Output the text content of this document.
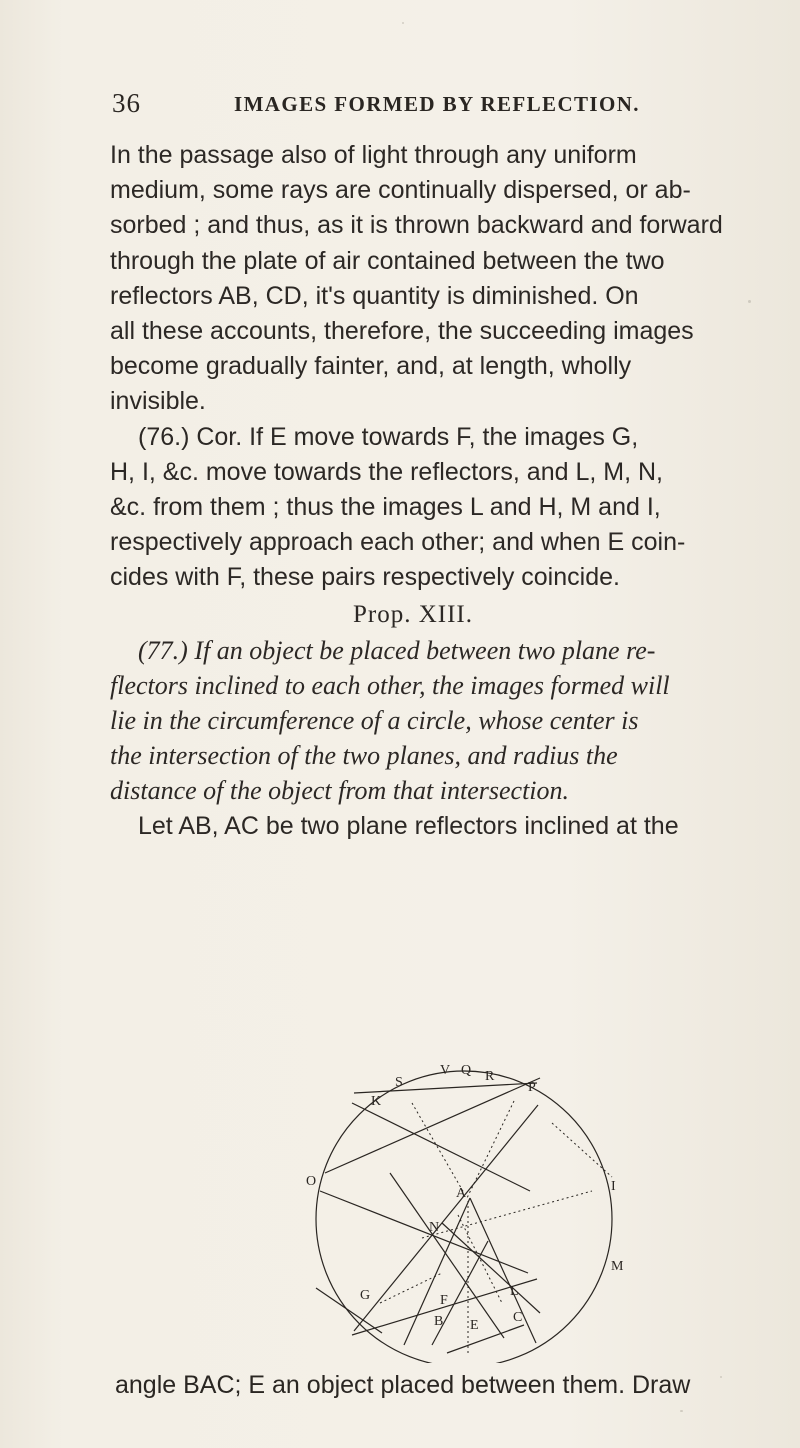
36	IMAGES FORMED BY REFLECTION.
In the passage also of light through any uniform
medium, some rays are continually dispersed, or ab-
sorbed ; and thus, as it is thrown backward and forward
through the plate of air contained between the two
reflectors AB, CD, it's quantity is diminished. On
all these accounts, therefore, the succeeding images
become gradually fainter, and, at length, wholly
invisible.
(76.) Cor. If E move towards F, the images G,
H, I, &c. move towards the reflectors, and L, M, N,
&c. from them ; thus the images L and H, M and I,
respectively approach each other; and when E coin-
cides with F, these pairs respectively coincide.
Prop. XIII.
(77.) If an object be placed between two plane re-
flectors inclined to each other, the images formed will
lie in the circumference of a circle, whose center is
the intersection of the two planes, and radius the
distance of the object from that intersection.
Let AB, AC be two plane reflectors inclined at the
V Q R
S	P
K
O	I
A
N
M
G	F
L
B E
C
angle BAC; E an object placed between them. Draw
